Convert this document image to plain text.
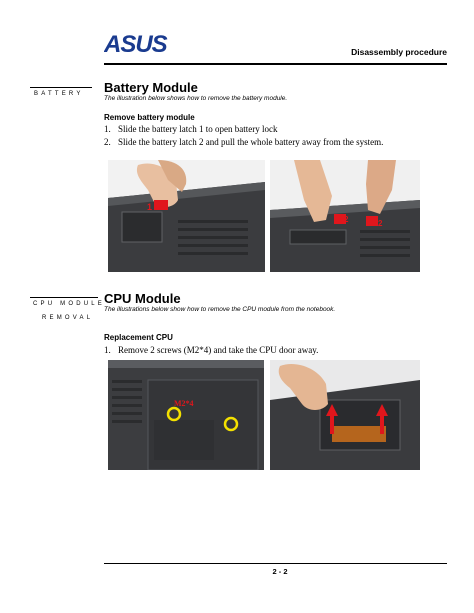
ASUS	Disassembly procedure
BATTERY Battery Module
The illustration below shows how to remove the battery module.
Remove battery module
1. Slide the battery latch 1 to open battery lock
2. Slide the battery latch 2 and pull the whole battery away from the system.
1
2	2
CPU MODULE
REMOVAL
CPU Module
The illustrations below show how to remove the CPU module from the notebook.
Replacement CPU
1. Remove 2 screws (M2*4) and take the CPU door away.
M2*4
2 - 2
